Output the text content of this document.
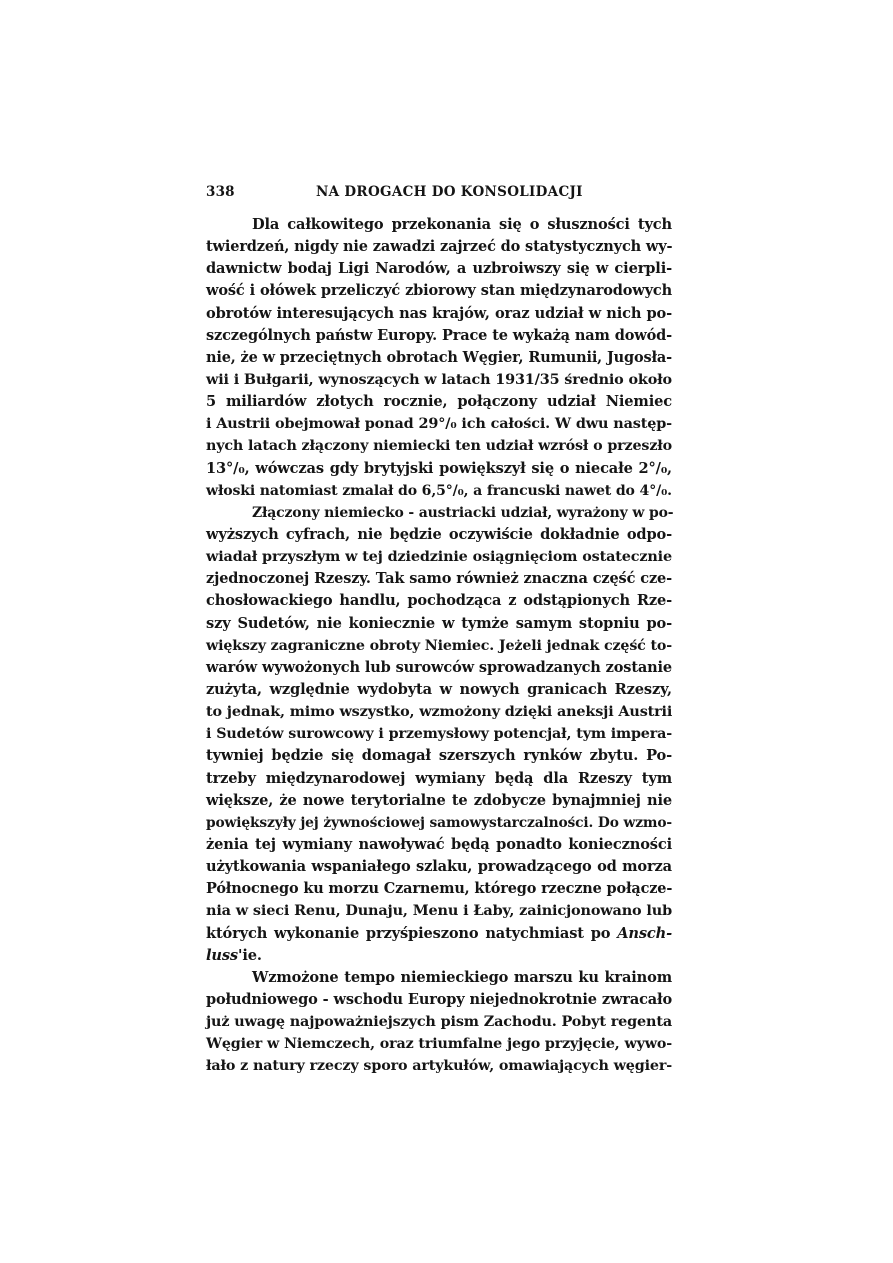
338	NA DROGACH DO KONSOLIDACJI
Dla całkowitego przekonania się o słuszności tych
twierdzeń, nigdy nie zawadzi zajrzeć do statystycznych wy-
dawnictw bodaj Ligi Narodów, a uzbroiwszy się w cierpli-
wość i ołówek przeliczyć zbiorowy stan międzynarodowych
obrotów interesujących nas krajów, oraz udział w nich po-
szczególnych państw Europy. Prace te wykażą nam dowód-
nie, że w przeciętnych obrotach Węgier, Rumunii, Jugosła-
wii i Bułgarii, wynoszących w latach 1931/35 średnio około
5 miliardów złotych rocznie, połączony udział Niemiec
i Austrii obejmował ponad 29°/₀ ich całości. W dwu następ-
nych latach złączony niemiecki ten udział wzrósł o przeszło
13°/₀, wówczas gdy brytyjski powiększył się o niecałe 2°/₀,
włoski natomiast zmalał do 6,5°/₀, a francuski nawet do 4°/₀.
Złączony niemiecko - austriacki udział, wyrażony w po-
wyższych cyfrach, nie będzie oczywiście dokładnie odpo-
wiadał przyszłym w tej dziedzinie osiągnięciom ostatecznie
zjednoczonej Rzeszy. Tak samo również znaczna część cze-
chosłowackiego handlu, pochodząca z odstąpionych Rze-
szy Sudetów, nie koniecznie w tymże samym stopniu po-
większy zagraniczne obroty Niemiec. Jeżeli jednak część to-
warów wywożonych lub surowców sprowadzanych zostanie
zużyta, względnie wydobyta w nowych granicach Rzeszy,
to jednak, mimo wszystko, wzmożony dzięki aneksji Austrii
i Sudetów surowcowy i przemysłowy potencjał, tym impera-
tywniej będzie się domagał szerszych rynków zbytu. Po-
trzeby międzynarodowej wymiany będą dla Rzeszy tym
większe, że nowe terytorialne te zdobycze bynajmniej nie
powiększyły jej żywnościowej samowystarczalności. Do wzmo-
żenia tej wymiany nawoływać będą ponadto konieczności
użytkowania wspaniałego szlaku, prowadzącego od morza
Północnego ku morzu Czarnemu, którego rzeczne połącze-
nia w sieci Renu, Dunaju, Menu i Łaby, zainicjonowano lub
których wykonanie przyśpieszono natychmiast po Ansch-
luss'ie.
Wzmożone tempo niemieckiego marszu ku krainom
południowego - wschodu Europy niejednokrotnie zwracało
już uwagę najpoważniejszych pism Zachodu. Pobyt regenta
Węgier w Niemczech, oraz triumfalne jego przyjęcie, wywo-
łało z natury rzeczy sporo artykułów, omawiających węgier-
